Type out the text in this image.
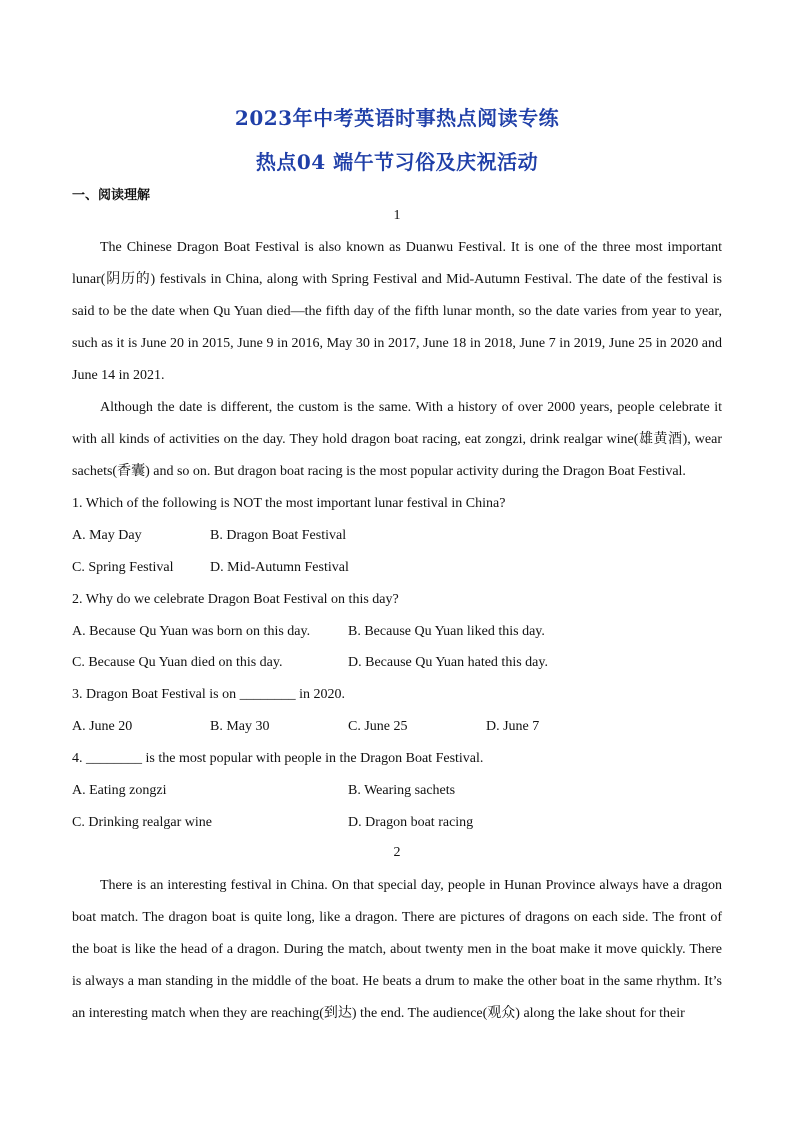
2023年中考英语时事热点阅读专练
热点04 端午节习俗及庆祝活动
一、阅读理解
1

The Chinese Dragon Boat Festival is also known as Duanwu Festival. It is one of the three most important lunar(阴历的) festivals in China, along with Spring Festival and Mid-Autumn Festival. The date of the festival is said to be the date when Qu Yuan died—the fifth day of the fifth lunar month, so the date varies from year to year, such as it is June 20 in 2015, June 9 in 2016, May 30 in 2017, June 18 in 2018, June 7 in 2019, June 25 in 2020 and June 14 in 2021.

Although the date is different, the custom is the same. With a history of over 2000 years, people celebrate it with all kinds of activities on the day. They hold dragon boat racing, eat zongzi, drink realgar wine(雄黄酒), wear sachets(香囊) and so on. But dragon boat racing is the most popular activity during the Dragon Boat Festival.

1. Which of the following is NOT the most important lunar festival in China?
A. May Day	B. Dragon Boat Festival
C. Spring Festival	D. Mid-Autumn Festival
2. Why do we celebrate Dragon Boat Festival on this day?
A. Because Qu Yuan was born on this day.	B. Because Qu Yuan liked this day.
C. Because Qu Yuan died on this day.	D. Because Qu Yuan hated this day.
3. Dragon Boat Festival is on ________ in 2020.
A. June 20	B. May 30	C. June 25	D. June 7
4. ________ is the most popular with people in the Dragon Boat Festival.
A. Eating zongzi	B. Wearing sachets
C. Drinking realgar wine	D. Dragon boat racing
2

There is an interesting festival in China. On that special day, people in Hunan Province always have a dragon boat match. The dragon boat is quite long, like a dragon. There are pictures of dragons on each side. The front of the boat is like the head of a dragon. During the match, about twenty men in the boat make it move quickly. There is always a man standing in the middle of the boat. He beats a drum to make the other boat in the same rhythm. It’s an interesting match when they are reaching(到达) the end. The audience(观众) along the lake shout for their
